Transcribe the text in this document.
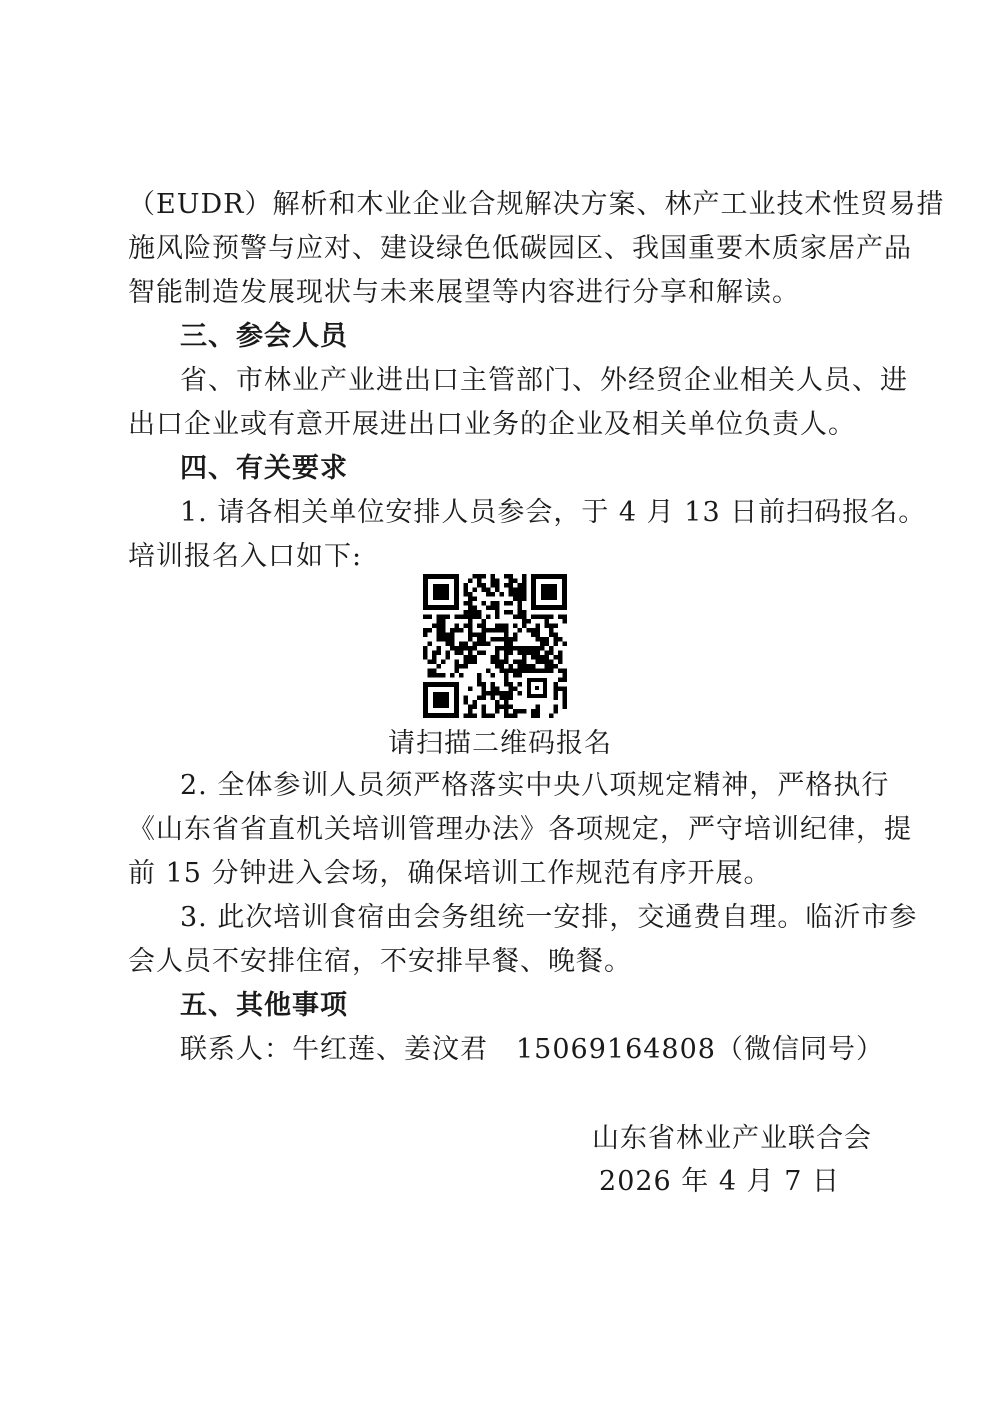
（EUDR）解析和木业企业合规解决方案、林产工业技术性贸易措
施风险预警与应对、建设绿色低碳园区、我国重要木质家居产品
智能制造发展现状与未来展望等内容进行分享和解读。
三、参会人员
省、市林业产业进出口主管部门、外经贸企业相关人员、进
出口企业或有意开展进出口业务的企业及相关单位负责人。
四、有关要求
1. 请各相关单位安排人员参会，于 4 月 13 日前扫码报名。
培训报名入口如下:
请扫描二维码报名
2. 全体参训人员须严格落实中央八项规定精神，严格执行
《山东省省直机关培训管理办法》各项规定，严守培训纪律，提
前 15 分钟进入会场，确保培训工作规范有序开展。
3. 此次培训食宿由会务组统一安排，交通费自理。临沂市参
会人员不安排住宿，不安排早餐、晚餐。
五、其他事项
联系人：牛红莲、姜汶君　15069164808（微信同号）
山东省林业产业联合会
2026 年 4 月 7 日
